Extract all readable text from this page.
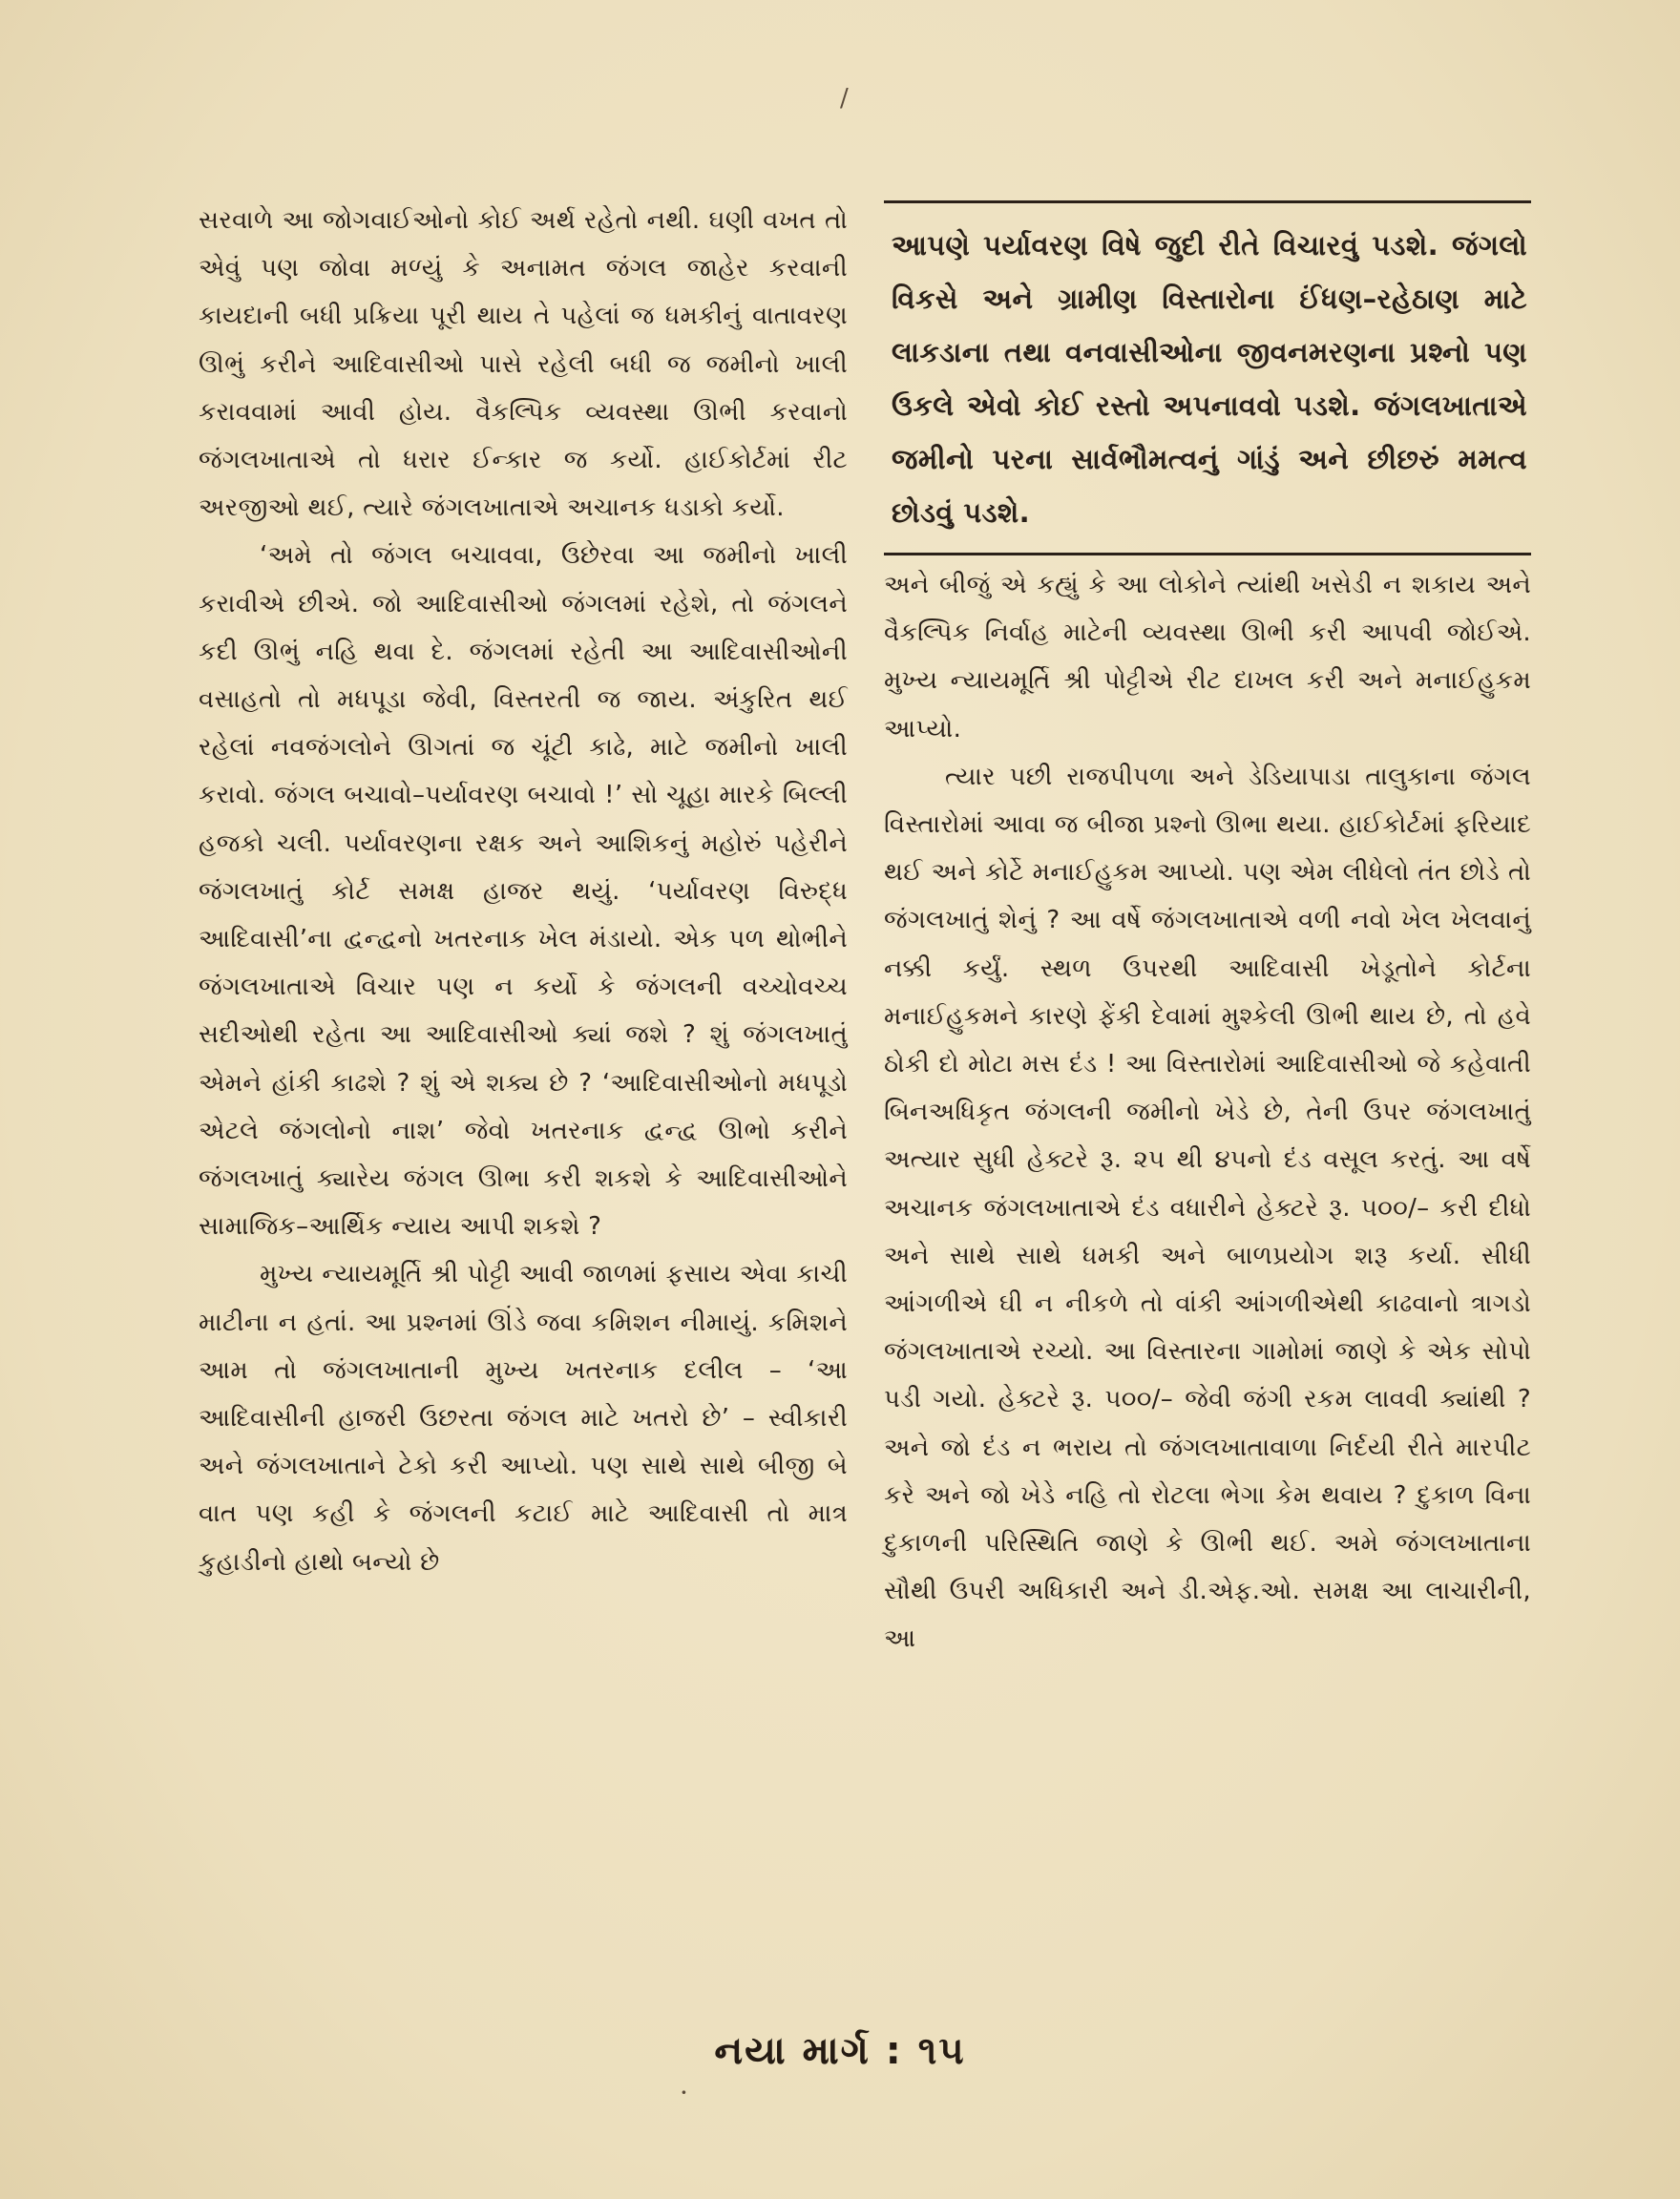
/

સરવાળે આ જોગવાઈઓનો કોઈ અર્થ રહેતો નથી. ઘણી વખત તો એવું પણ જોવા મળ્યું કે અનામત જંગલ જાહેર કરવાની કાયદાની બધી પ્રક્રિયા પૂરી થાય તે પહેલાં જ ધમકીનું વાતાવરણ ઊભું કરીને આદિવાસીઓ પાસે રહેલી બધી જ જમીનો ખાલી કરાવવામાં આવી હોય. વૈકલ્પિક વ્યવસ્થા ઊભી કરવાનો જંગલખાતાએ તો ધરાર ઈન્કાર જ કર્યો. હાઈકોર્ટમાં રીટ અરજીઓ થઈ, ત્યારે જંગલખાતાએ અચાનક ધડાકો કર્યો.

‘અમે તો જંગલ બચાવવા, ઉછેરવા આ જમીનો ખાલી કરાવીએ છીએ. જો આદિવાસીઓ જંગલમાં રહેશે, તો જંગલને કદી ઊભું નહિ થવા દે. જંગલમાં રહેતી આ આદિવાસીઓની વસાહતો તો મધપૂડા જેવી, વિસ્તરતી જ જાય. અંકુરિત થઈ રહેલાં નવજંગલોને ઊગતાં જ ચૂંટી કાઢે, માટે જમીનો ખાલી કરાવો. જંગલ બચાવો–પર્યાવરણ બચાવો !’ સો ચૂહા મારકે બિલ્લી હજકો ચલી. પર્યાવરણના રક્ષક અને આશિકનું મહોરું પહેરીને જંગલખાતું કોર્ટ સમક્ષ હાજર થયું. ‘પર્યાવરણ વિરુદ્ધ આદિવાસી’ના દ્વન્દ્વનો ખતરનાક ખેલ મંડાયો. એક પળ થોભીને જંગલખાતાએ વિચાર પણ ન કર્યો કે જંગલની વચ્ચોવચ્ચ સદીઓથી રહેતા આ આદિવાસીઓ ક્યાં જશે ? શું જંગલખાતું એમને હાંકી કાઢશે ? શું એ શક્ય છે ? ‘આદિવાસીઓનો મધપૂડો એટલે જંગલોનો નાશ’ જેવો ખતરનાક દ્વન્દ્વ ઊભો કરીને જંગલખાતું ક્યારેય જંગલ ઊભા કરી શકશે કે આદિવાસીઓને સામાજિક–આર્થિક ન્યાય આપી શકશે ?

મુખ્ય ન્યાયમૂર્તિ શ્રી પોટ્ટી આવી જાળમાં ફસાય એવા કાચી માટીના ન હતાં. આ પ્રશ્નમાં ઊંડે જવા કમિશન નીમાયું. કમિશને આમ તો જંગલખાતાની મુખ્ય ખતરનાક દલીલ – ‘આ આદિવાસીની હાજરી ઉછરતા જંગલ માટે ખતરો છે’ – સ્વીકારી અને જંગલખાતાને ટેકો કરી આપ્યો. પણ સાથે સાથે બીજી બે વાત પણ કહી કે જંગલની કટાઈ માટે આદિવાસી તો માત્ર કુહાડીનો હાથો બન્યો છે

આપણે પર્યાવરણ વિષે જુદી રીતે વિચારવું પડશે. જંગલો વિકસે અને ગ્રામીણ વિસ્તારોના ઈંધણ–રહેઠાણ માટે લાકડાના તથા વનવાસીઓના જીવનમરણના પ્રશ્નો પણ ઉકલે એવો કોઈ રસ્તો અપનાવવો પડશે. જંગલખાતાએ જમીનો પરના સાર્વભૌમત્વનું ગાંડું અને છીછરું મમત્વ છોડવું પડશે.

અને બીજું એ કહ્યું કે આ લોકોને ત્યાંથી ખસેડી ન શકાય અને વૈકલ્પિક નિર્વાહ માટેની વ્યવસ્થા ઊભી કરી આપવી જોઈએ. મુખ્ય ન્યાયમૂર્તિ શ્રી પોટ્ટીએ રીટ દાખલ કરી અને મનાઈહુકમ આપ્યો.

ત્યાર પછી રાજપીપળા અને ડેડિયાપાડા તાલુકાના જંગલ વિસ્તારોમાં આવા જ બીજા પ્રશ્નો ઊભા થયા. હાઈકોર્ટમાં ફરિયાદ થઈ અને કોર્ટે મનાઈહુકમ આપ્યો. પણ એમ લીધેલો તંત છોડે તો જંગલખાતું શેનું ? આ વર્ષે જંગલખાતાએ વળી નવો ખેલ ખેલવાનું નક્કી કર્યું. સ્થળ ઉપરથી આદિવાસી ખેડૂતોને કોર્ટના મનાઈહુકમને કારણે ફેંકી દેવામાં મુશ્કેલી ઊભી થાય છે, તો હવે ઠોકી દો મોટા મસ દંડ ! આ વિસ્તારોમાં આદિવાસીઓ જે કહેવાતી બિનઅધિકૃત જંગલની જમીનો ખેડે છે, તેની ઉપર જંગલખાતું અત્યાર સુધી હેક્ટરે રૂ. ૨૫ થી ૪૫નો દંડ વસૂલ કરતું. આ વર્ષે અચાનક જંગલખાતાએ દંડ વધારીને હેક્ટરે રૂ. ૫૦૦/– કરી દીધો અને સાથે સાથે ધમકી અને બાળપ્રયોગ શરૂ કર્યા. સીધી આંગળીએ ઘી ન નીકળે તો વાંકી આંગળીએથી કાઢવાનો ત્રાગડો જંગલખાતાએ રચ્યો. આ વિસ્તારના ગામોમાં જાણે કે એક સોપો પડી ગયો. હેક્ટરે રૂ. ૫૦૦/– જેવી જંગી રકમ લાવવી ક્યાંથી ? અને જો દંડ ન ભરાય તો જંગલખાતાવાળા નિર્દયી રીતે મારપીટ કરે અને જો ખેડે નહિ તો રોટલા ભેગા કેમ થવાય ? દુકાળ વિના દુકાળની પરિસ્થિતિ જાણે કે ઊભી થઈ. અમે જંગલખાતાના સૌથી ઉપરી અધિકારી અને ડી.એફ.ઓ. સમક્ષ આ લાચારીની, આ

નયા માર્ગ : ૧૫
·
